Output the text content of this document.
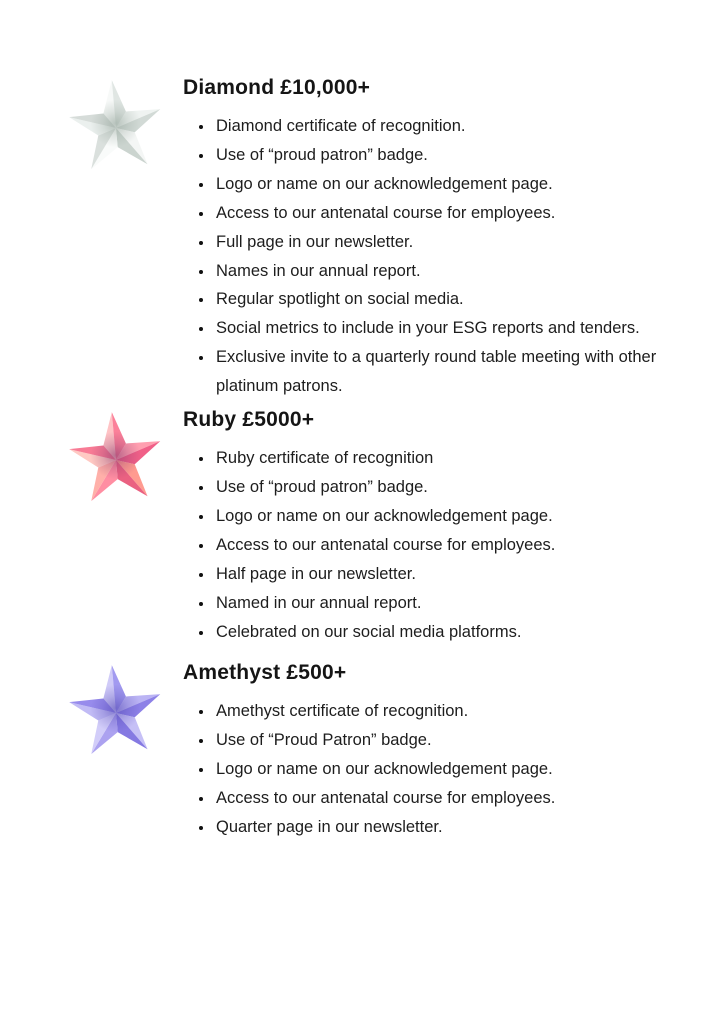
Diamond £10,000+
• Diamond certificate of recognition.
• Use of “proud patron” badge.
• Logo or name on our acknowledgement page.
• Access to our antenatal course for employees.
• Full page in our newsletter.
• Names in our annual report.
• Regular spotlight on social media.
• Social metrics to include in your ESG reports and tenders.
• Exclusive invite to a quarterly round table meeting with other platinum patrons.
Ruby £5000+
• Ruby certificate of recognition
• Use of “proud patron” badge.
• Logo or name on our acknowledgement page.
• Access to our antenatal course for employees.
• Half page in our newsletter.
• Named in our annual report.
• Celebrated on our social media platforms.
Amethyst £500+
• Amethyst certificate of recognition.
• Use of “Proud Patron” badge.
• Logo or name on our acknowledgement page.
• Access to our antenatal course for employees.
• Quarter page in our newsletter.
